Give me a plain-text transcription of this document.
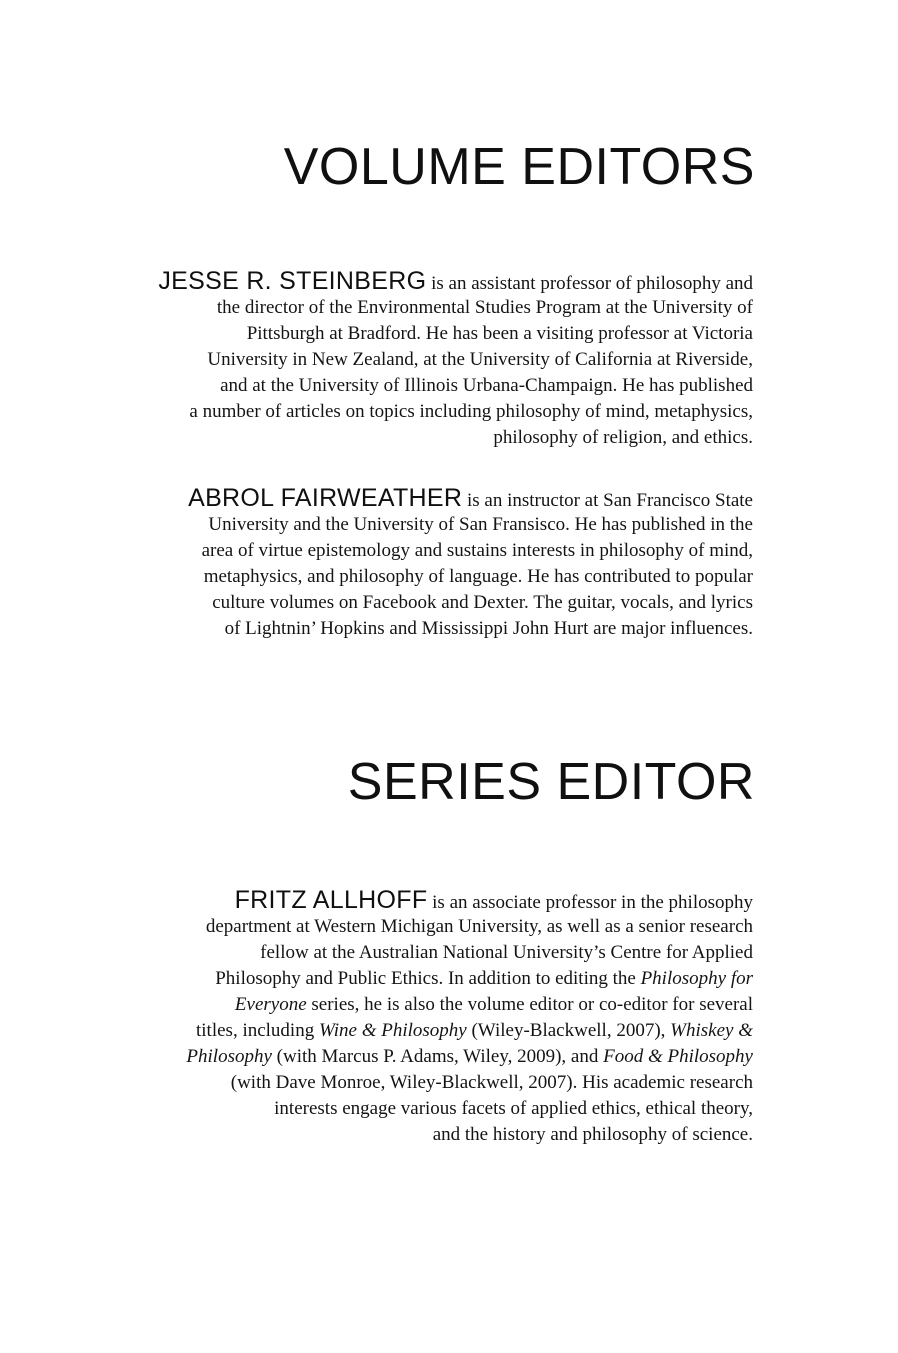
VOLUME EDITORS
JESSE R. STEINBERG is an assistant professor of philosophy and
the director of the Environmental Studies Program at the University of
Pittsburgh at Bradford. He has been a visiting professor at Victoria
University in New Zealand, at the University of California at Riverside,
and at the University of Illinois Urbana-Champaign. He has published
a number of articles on topics including philosophy of mind, metaphysics,
philosophy of religion, and ethics.
ABROL FAIRWEATHER is an instructor at San Francisco State
University and the University of San Fransisco. He has published in the
area of virtue epistemology and sustains interests in philosophy of mind,
metaphysics, and philosophy of language. He has contributed to popular
culture volumes on Facebook and Dexter. The guitar, vocals, and lyrics
of Lightnin’ Hopkins and Mississippi John Hurt are major influences.
SERIES EDITOR
FRITZ ALLHOFF is an associate professor in the philosophy
department at Western Michigan University, as well as a senior research
fellow at the Australian National University’s Centre for Applied
Philosophy and Public Ethics. In addition to editing the Philosophy for
Everyone series, he is also the volume editor or co-editor for several
titles, including Wine & Philosophy (Wiley-Blackwell, 2007), Whiskey &
Philosophy (with Marcus P. Adams, Wiley, 2009), and Food & Philosophy
(with Dave Monroe, Wiley-Blackwell, 2007). His academic research
interests engage various facets of applied ethics, ethical theory,
and the history and philosophy of science.
